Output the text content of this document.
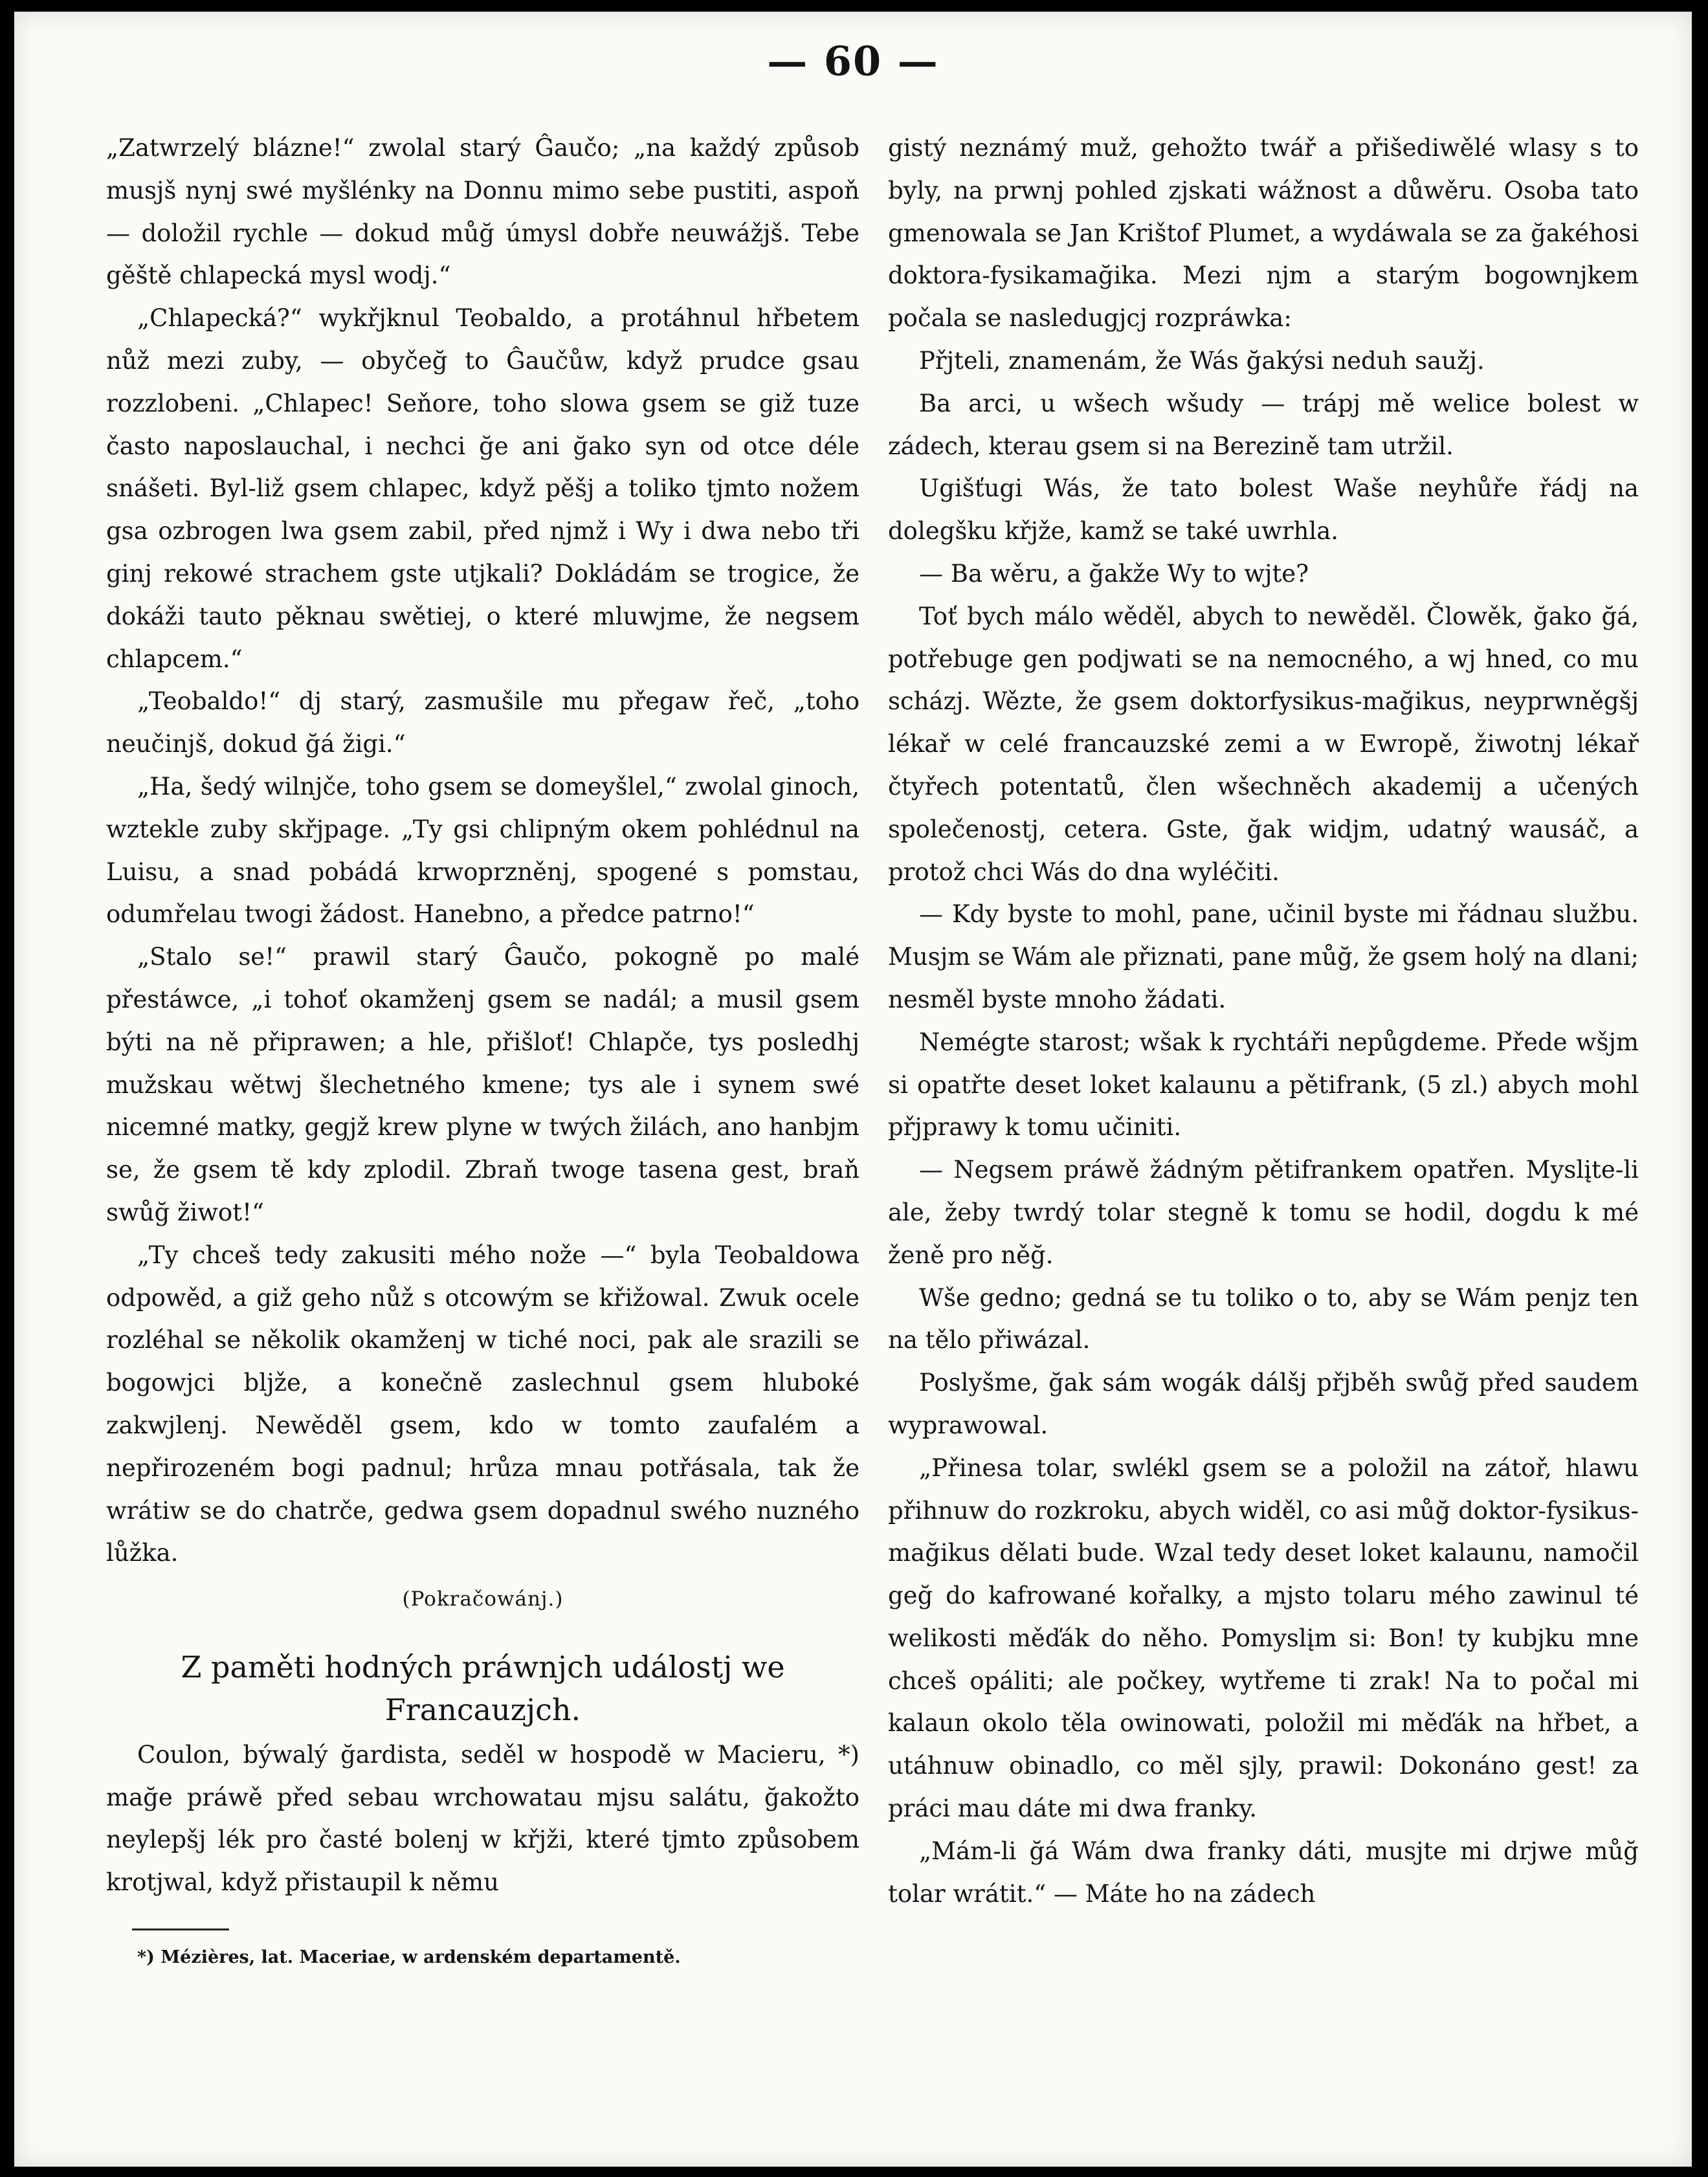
— 60 —

„Zatwrzelý blázne!“ zwolal starý Ĝaučo; „na každý způsob musjš nynj swé myšlénky na Donnu mimo sebe pustiti, aspoň — doložil rychle — dokud můğ úmysl dobře neuwážjš. Tebe gěště chlapecká mysl wodj.“

„Chlapecká?“ wykřjknul Teobaldo, a protáhnul hřbetem nůž mezi zuby, — obyčeğ to Ĝaučůw, když prudce gsau rozzlobeni. „Chlapec! Seňore, toho slowa gsem se giž tuze často naposlauchal, i nechci ğe ani ğako syn od otce déle snášeti. Byl-liž gsem chlapec, když pěšj a toliko tjmto nožem gsa ozbrogen lwa gsem zabil, před njmž i Wy i dwa nebo tři ginj rekowé strachem gste utjkali? Dokládám se trogice, že dokáži tauto pěknau swětiej, o které mluwjme, že negsem chlapcem.“

„Teobaldo!“ dj starý, zasmušile mu přegaw řeč, „toho neučinjš, dokud ğá žigi.“

„Ha, šedý wilnjče, toho gsem se domeyšlel,“ zwolal ginoch, wztekle zuby skřjpage. „Ty gsi chlipným okem pohlédnul na Luisu, a snad pobádá krwoprzněnj, spogené s pomstau, odumřelau twogi žádost. Hanebno, a předce patrno!“

„Stalo se!“ prawil starý Ĝaučo, pokogně po malé přestáwce, „i tohoť okamženj gsem se nadál; a musil gsem býti na ně připrawen; a hle, přišloť! Chlapče, tys posledhj mužskau wětwj šlechetného kmene; tys ale i synem swé nicemné matky, gegjž krew plyne w twých žilách, ano hanbjm se, že gsem tě kdy zplodil. Zbraň twoge tasena gest, braň swůğ žiwot!“

„Ty chceš tedy zakusiti mého nože —“ byla Teobaldowa odpowěd, a giž geho nůž s otcowým se křižowal. Zwuk ocele rozléhal se několik okamženj w tiché noci, pak ale srazili se bogowjci bljže, a konečně zaslechnul gsem hluboké zakwjlenj. Newěděl gsem, kdo w tomto zaufalém a nepřirozeném bogi padnul; hrůza mnau potřásala, tak že wrátiw se do chatrče, gedwa gsem dopadnul swého nuzného lůžka.

(Pokračowánj.)
Z paměti hodných práwnjch událostj we Francauzjch.

Coulon, býwalý ğardista, seděl w hospodě w Macieru, *) mağe práwě před sebau wrchowatau mjsu salátu, ğakožto neylepšj lék pro časté bolenj w křjži, které tjmto způsobem krotjwal, když přistaupil k němu

*) Mézières, lat. Maceriae, w ardenském departamentě.

gistý neznámý muž, gehožto twář a přišediwělé wlasy s to byly, na prwnj pohled zjskati wážnost a důwěru. Osoba tato gmenowala se Jan Krištof Plumet, a wydáwala se za ğakéhosi doktora-fysikamağika. Mezi njm a starým bogownjkem počala se nasledugjcj rozpráwka:

Přjteli, znamenám, že Wás ğakýsi neduh saužj.

Ba arci, u wšech wšudy — trápj mě welice bolest w zádech, kterau gsem si na Berezině tam utržil.

Ugišťugi Wás, že tato bolest Waše neyhůře řádj na dolegšku křjže, kamž se také uwrhla.

— Ba wěru, a ğakže Wy to wjte?

Toť bych málo wěděl, abych to newěděl. Člowěk, ğako ğá, potřebuge gen podjwati se na nemocného, a wj hned, co mu scházj. Wězte, že gsem doktorfysikus-mağikus, neyprwněgšj lékař w celé francauzské zemi a w Ewropě, žiwotnj lékař čtyřech potentatů, člen wšechněch akademij a učených společenostj, cetera. Gste, ğak widjm, udatný wausáč, a protož chci Wás do dna wyléčiti.

— Kdy byste to mohl, pane, učinil byste mi řádnau službu. Musjm se Wám ale přiznati, pane můğ, že gsem holý na dlani; nesměl byste mnoho žádati.

Nemégte starost; wšak k rychtáři nepůgdeme. Přede wšjm si opatřte deset loket kalaunu a pětifrank, (5 zl.) abych mohl přjprawy k tomu učiniti.

— Negsem práwě žádným pětifrankem opatřen. Myslįte-li ale, žeby twrdý tolar stegně k tomu se hodil, dogdu k mé ženě pro něğ.

Wše gedno; gedná se tu toliko o to, aby se Wám penjz ten na tělo přiwázal.

Poslyšme, ğak sám wogák dálšj přjběh swůğ před saudem wyprawowal.

„Přinesa tolar, swlékl gsem se a položil na zátoř, hlawu přihnuw do rozkroku, abych widěl, co asi můğ doktor-fysikus-mağikus dělati bude. Wzal tedy deset loket kalaunu, namočil geğ do kafrowané kořalky, a mjsto tolaru mého zawinul té welikosti měďák do něho. Pomyslįm si: Bon! ty kubjku mne chceš opáliti; ale počkey, wytřeme ti zrak! Na to počal mi kalaun okolo těla owinowati, položil mi měďák na hřbet, a utáhnuw obinadlo, co měl sjly, prawil: Dokonáno gest! za práci mau dáte mi dwa franky.

„Mám-li ğá Wám dwa franky dáti, musjte mi drjwe můğ tolar wrátit.“ — Máte ho na zádech
